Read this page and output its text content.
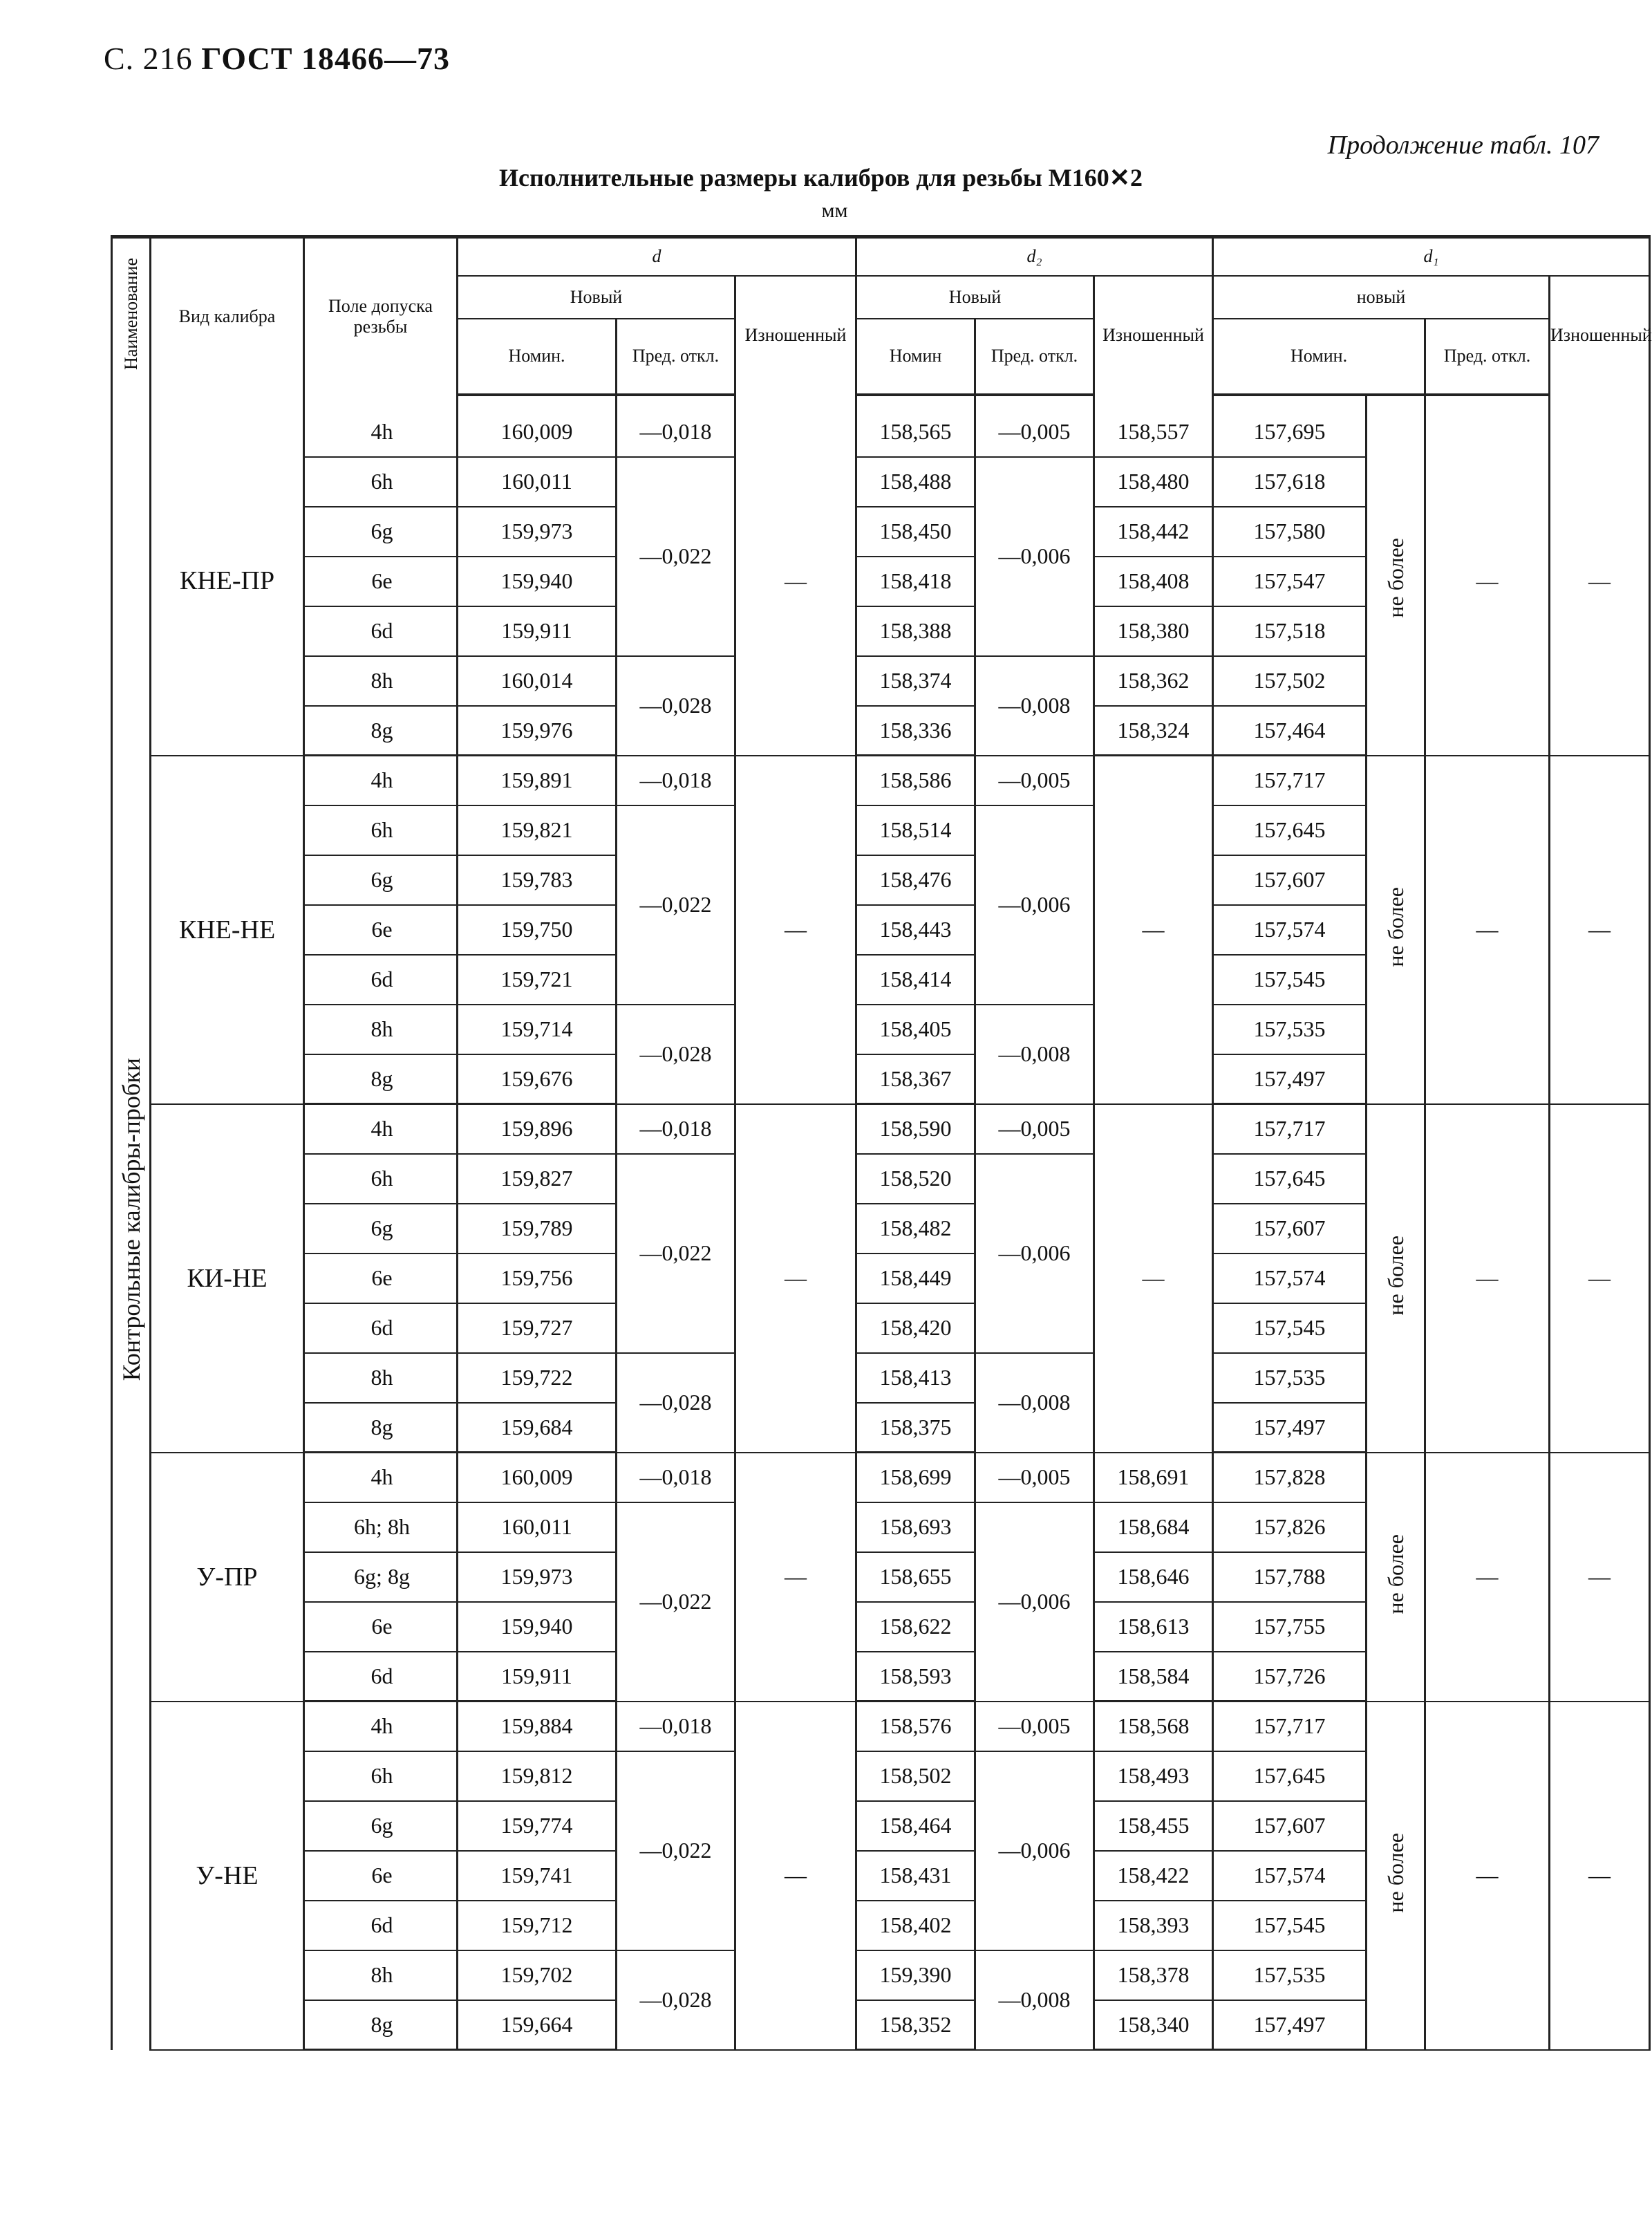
С. 216 ГОСТ 18466—73
Продолжение табл. 107
Исполнительные размеры калибров для резьбы М160✕2
мм
Наименование	Вид калибра	Поле допуска резьбы	d			d₂			d₁			
			Новый		Изношенный	Новый		Изношенный	новый			Изношенный
			Номин.	Пред. откл.		Номин	Пред. откл.		Номин.		Пред. откл.	
Контрольные калибры-пробки												
	КНЕ-ПР	4h	160,009	—0,018	—	158,565	—0,005	158,557	157,695	не более	—	—
		6h	160,011	—0,022		158,488	—0,006	158,480	157,618			
		6g	159,973			158,450		158,442	157,580			
		6e	159,940			158,418		158,408	157,547			
		6d	159,911			158,388		158,380	157,518			
		8h	160,014	—0,028		158,374	—0,008	158,362	157,502			
		8g	159,976			158,336		158,324	157,464			
	КНЕ-НЕ	4h	159,891	—0,018	—	158,586	—0,005	—	157,717	не более	—	—
		6h	159,821	—0,022		158,514	—0,006		157,645			
		6g	159,783			158,476			157,607			
		6e	159,750			158,443			157,574			
		6d	159,721			158,414			157,545			
		8h	159,714	—0,028		158,405	—0,008		157,535			
		8g	159,676			158,367			157,497			
	КИ-НЕ	4h	159,896	—0,018	—	158,590	—0,005	—	157,717	не более	—	—
		6h	159,827	—0,022		158,520	—0,006		157,645			
		6g	159,789			158,482			157,607			
		6e	159,756			158,449			157,574			
		6d	159,727			158,420			157,545			
		8h	159,722	—0,028		158,413	—0,008		157,535			
		8g	159,684			158,375			157,497			
	У-ПР	4h	160,009	—0,018	—	158,699	—0,005	158,691	157,828	не более	—	—
		6h; 8h	160,011	—0,022		158,693	—0,006	158,684	157,826			
		6g; 8g	159,973			158,655		158,646	157,788			
		6e	159,940			158,622		158,613	157,755			
		6d	159,911			158,593		158,584	157,726			
	У-НЕ	4h	159,884	—0,018	—	158,576	—0,005	158,568	157,717	не более	—	—
		6h	159,812	—0,022		158,502	—0,006	158,493	157,645			
		6g	159,774			158,464		158,455	157,607			
		6e	159,741			158,431		158,422	157,574			
		6d	159,712			158,402		158,393	157,545			
		8h	159,702	—0,028		159,390	—0,008	158,378	157,535			
		8g	159,664			158,352		158,340	157,497			
